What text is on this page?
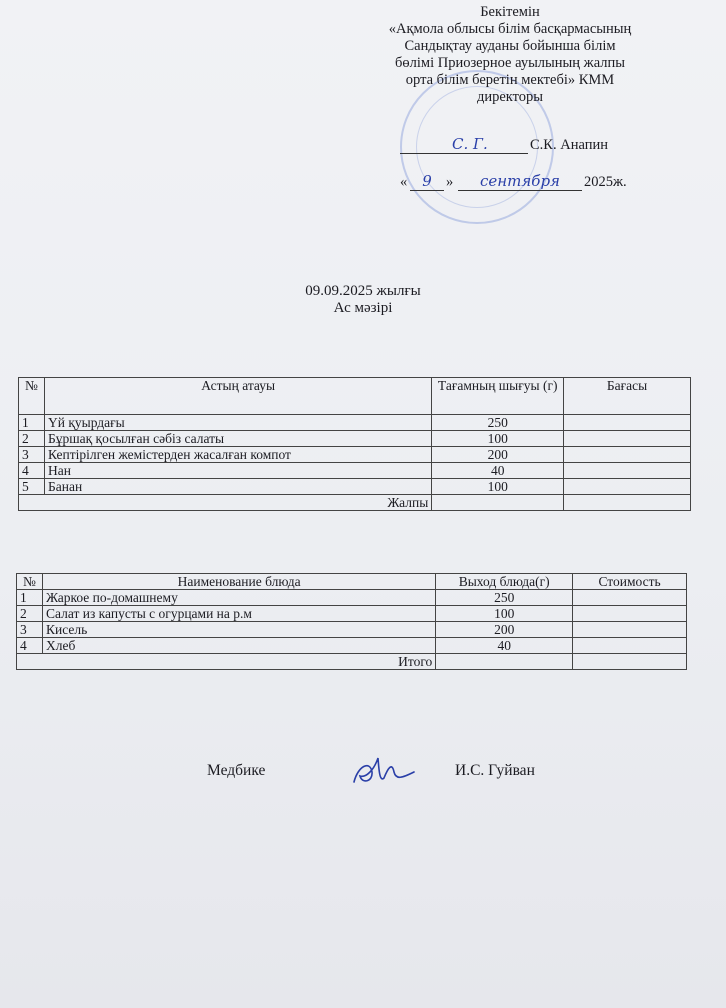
Бекітемін
«Ақмола облысы білім басқармасының
Сандықтау ауданы бойынша білім
бөлімі Приозерное ауылының жалпы
орта білім беретін мектебі» КММ
директоры
С. Г.	С.К. Анапин
« 9 »	сентября	2025ж.
09.09.2025 жылғы
Ас мәзірі
№	Астың атауы	Тағамның шығуы (г)	Бағасы
1	Үй қуырдағы	250	
2	Бұршақ қосылған сәбіз салаты	100	
3	Кептірілген жемістерден жасалған компот	200	
4	Нан	40	
5	Банан	100	
Жалпы			
№	Наименование блюда	Выход блюда(г)	Стоимость
1	Жаркое по-домашнему	250	
2	Салат из капусты с огурцами на р.м	100	
3	Кисель	200	
4	Хлеб	40	
Итого			
Медбике	И.С. Гуйван
